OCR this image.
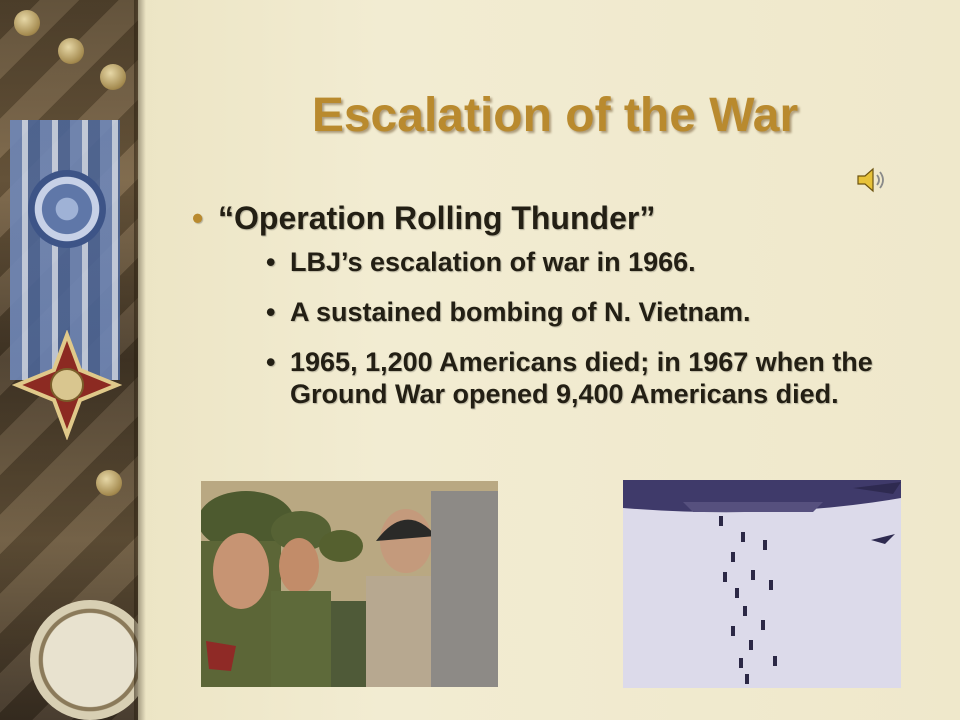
Escalation of the War
• “Operation Rolling Thunder”
• LBJ’s escalation of war in 1966.
• A sustained bombing of N. Vietnam.
• 1965, 1,200 Americans died; in 1967 when the Ground War opened 9,400 Americans died.
